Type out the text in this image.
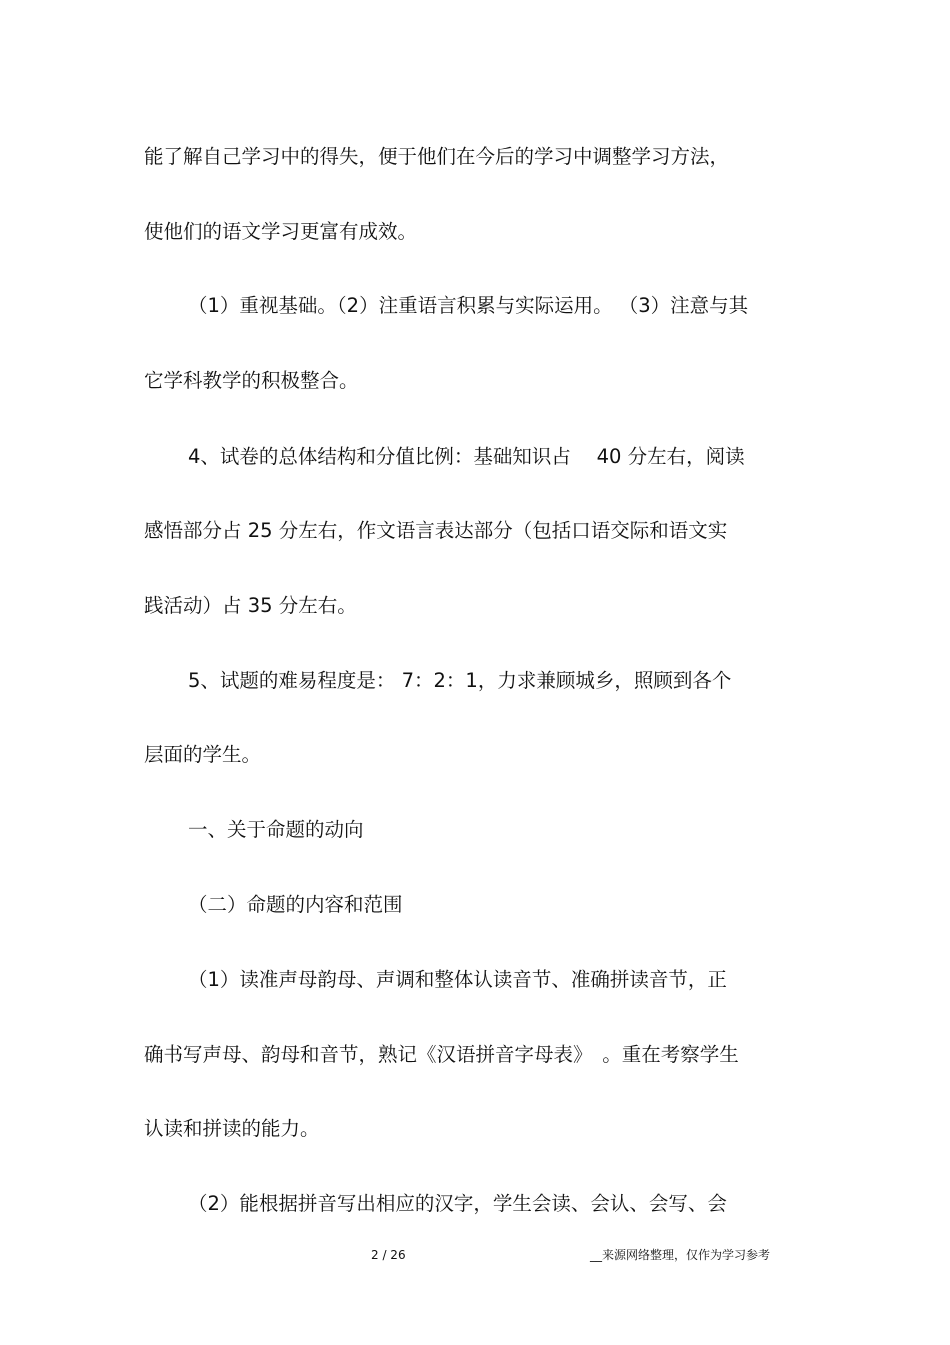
能了解自己学习中的得失，便于他们在今后的学习中调整学习方法，
使他们的语文学习更富有成效。
（1）重视基础。（2）注重语言积累与实际运用。 （3）注意与其
它学科教学的积极整合。
4、试卷的总体结构和分值比例：基础知识占　 40 分左右，阅读
感悟部分占 25 分左右，作文语言表达部分（包括口语交际和语文实
践活动）占 35 分左右。
5、试题的难易程度是： 7：2：1，力求兼顾城乡，照顾到各个
层面的学生。
一、关于命题的动向
（二）命题的内容和范围
（1）读准声母韵母、声调和整体认读音节、准确拼读音节，正
确书写声母、韵母和音节，熟记《汉语拼音字母表》　。重在考察学生
认读和拼读的能力。
（2）能根据拼音写出相应的汉字，学生会读、会认、会写、会
2 / 26	__来源网络整理，仅作为学习参考
